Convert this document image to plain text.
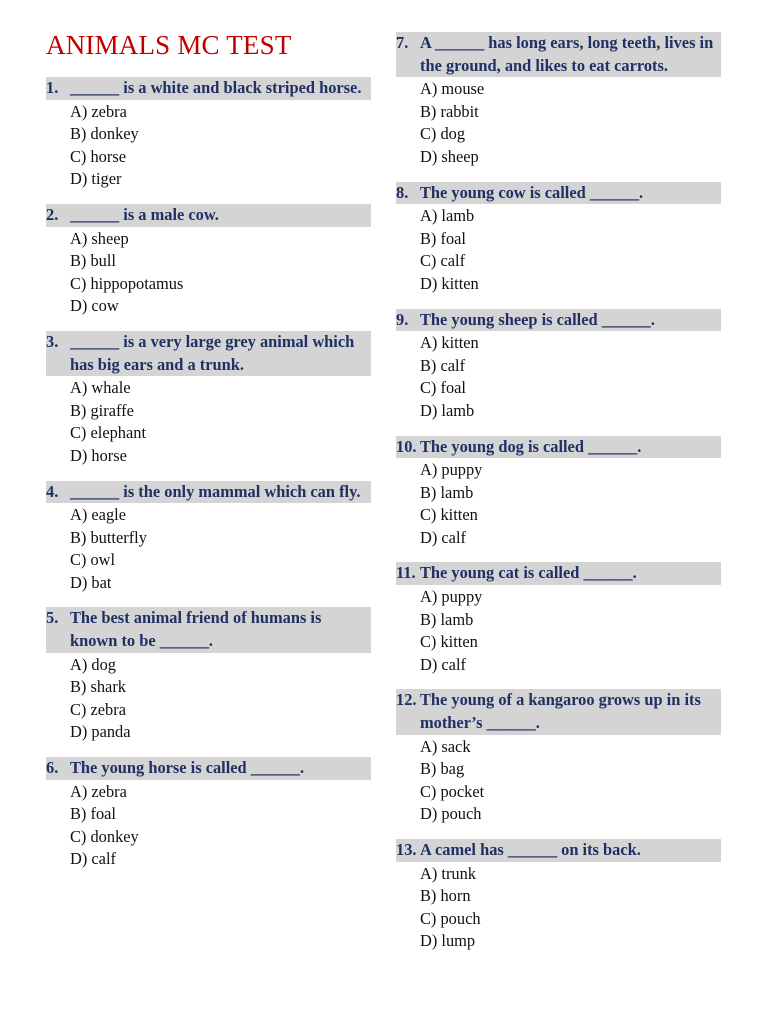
ANIMALS MC TEST
1. ______ is a white and black striped horse.
A) zebra
B) donkey
C) horse
D) tiger
2. ______ is a male cow.
A) sheep
B) bull
C) hippopotamus
D) cow
3. ______ is a very large grey animal which has big ears and a trunk.
A) whale
B) giraffe
C) elephant
D) horse
4. ______ is the only mammal which can fly.
A) eagle
B) butterfly
C) owl
D) bat
5. The best animal friend of humans is known to be ______.
A) dog
B) shark
C) zebra
D) panda
6. The young horse is called ______.
A) zebra
B) foal
C) donkey
D) calf
7. A ______ has long ears, long teeth, lives in the ground, and likes to eat carrots.
A) mouse
B) rabbit
C) dog
D) sheep
8. The young cow is called ______.
A) lamb
B) foal
C) calf
D) kitten
9. The young sheep is called ______.
A) kitten
B) calf
C) foal
D) lamb
10. The young dog is called ______.
A) puppy
B) lamb
C) kitten
D) calf
11. The young cat is called ______.
A) puppy
B) lamb
C) kitten
D) calf
12. The young of a kangaroo grows up in its mother’s ______.
A) sack
B) bag
C) pocket
D) pouch
13. A camel has ______ on its back.
A) trunk
B) horn
C) pouch
D) lump
